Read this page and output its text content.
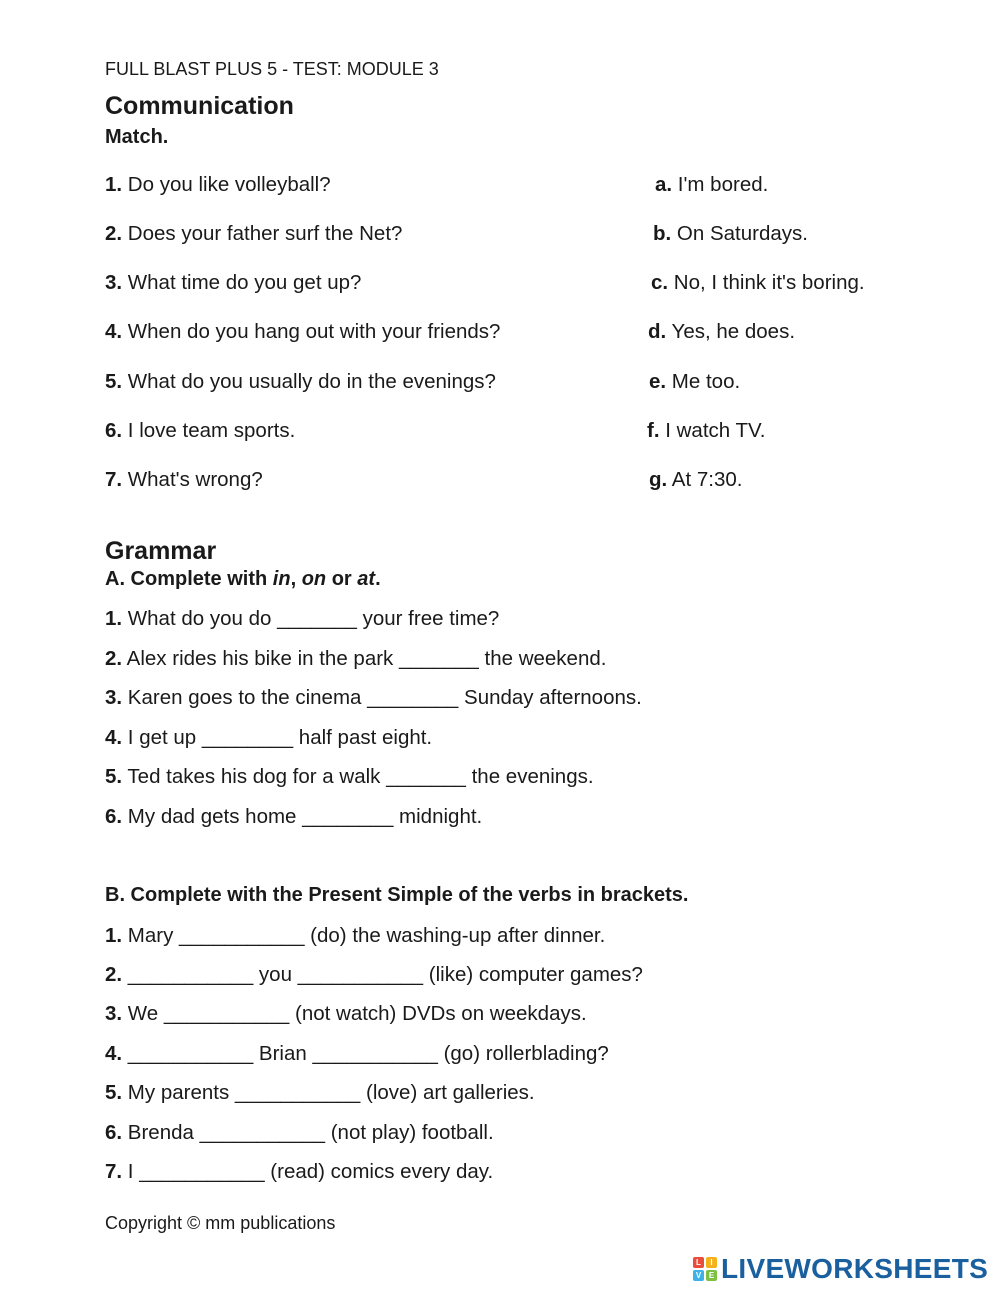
FULL BLAST PLUS 5 - TEST: MODULE 3
Communication
Match.
1. Do you like volleyball?
2. Does your father surf the Net?
3. What time do you get up?
4. When do you hang out with your friends?
5. What do you usually do in the evenings?
6. I love team sports.
7. What's wrong?
a. I'm bored.
b. On Saturdays.
c. No, I think it's boring.
d. Yes, he does.
e. Me too.
f. I watch TV.
g. At 7:30.
Grammar
A. Complete with in, on or at.
1. What do you do _______ your free time?
2. Alex rides his bike in the park _______ the weekend.
3. Karen goes to the cinema ________ Sunday afternoons.
4. I get up ________ half past eight.
5. Ted takes his dog for a walk _______ the evenings.
6. My dad gets home ________ midnight.
B. Complete with the Present Simple of the verbs in brackets.
1. Mary ___________ (do) the washing-up after dinner.
2. ___________ you ___________ (like) computer games?
3. We ___________ (not watch) DVDs on weekdays.
4. ___________ Brian ___________ (go) rollerblading?
5. My parents ___________ (love) art galleries.
6. Brenda ___________ (not play) football.
7. I ___________ (read) comics every day.
Copyright © mm publications
L	I
V E LIVEWORKSHEETS
